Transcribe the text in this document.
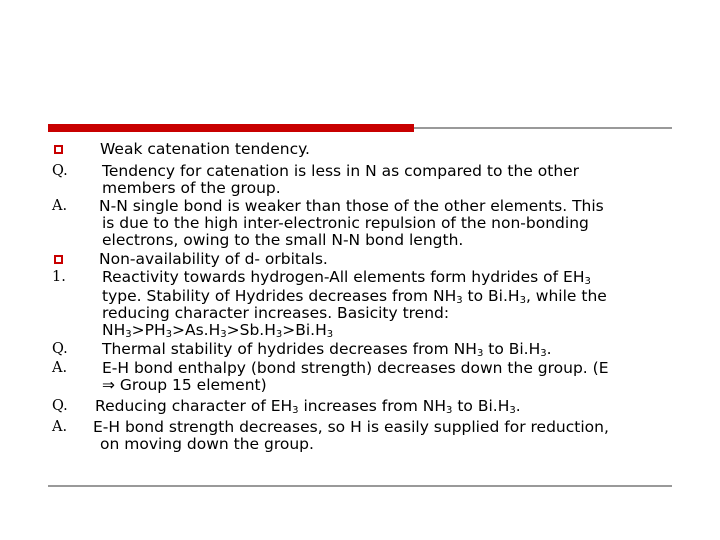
Weak catenation tendency.
Q. Tendency for catenation is less in N as compared to the other
members of the group.
A. N-N single bond is weaker than those of the other elements. This
is due to the high inter-electronic repulsion of the non-bonding
electrons, owing to the small N-N bond length.
Non-availability of d- orbitals.
1. Reactivity towards hydrogen-All elements form hydrides of $EH_3$
type. Stability of Hydrides decreases from $NH_3$ to $Bi.H_3$, while the
reducing character increases. Basicity trend:
$NH_3>PH_3>As.H_3>Sb.H_3>Bi.H_3$
Q. Thermal stability of hydrides decreases from $NH_3$ to $Bi.H_3$.
A. E-H bond enthalpy (bond strength) decreases down the group. (E
⇒ Group 15 element)
Q. Reducing character of $EH_3$ increases from $NH_3$ to $Bi.H_3$.
A. E-H bond strength decreases, so H is easily supplied for reduction,
on moving down the group.
